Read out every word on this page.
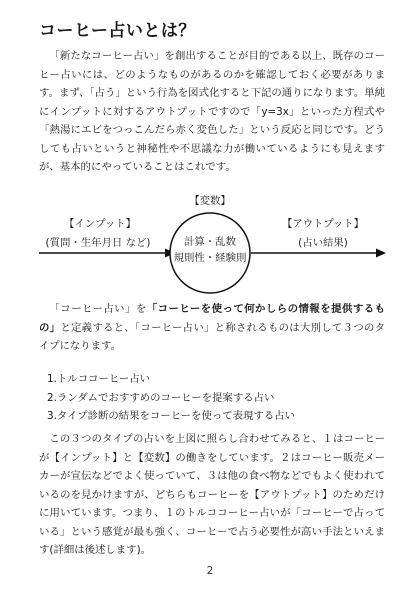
コーヒー占いとは？

「新たなコーヒー占い」を創出することが目的である以上、既存のコーヒー占いには、どのようなものがあるのかを確認しておく必要があります。まず、「占う」という行為を図式化すると下記の通りになります。単純にインプットに対するアウトプットですので「y=3x」といった方程式や「熱湯にエビをつっこんだら赤く変色した」という反応と同じです。どうしても占いというと神秘性や不思議な力が働いているようにも見えますが、基本的にやっていることはこれです。

【変数】
【インプット】
(質問・生年月日 など)	計算・乱数
規則性・経験則
【アウトプット】
(占い結果)

「コーヒー占い」を「コーヒーを使って何かしらの情報を提供するもの」と定義すると、「コーヒー占い」と称されるものは大別して３つのタイプになります。

1.トルココーヒー占い
2.ランダムでおすすめのコーヒーを提案する占い
3.タイプ診断の結果をコーヒーを使って表現する占い

この３つのタイプの占いを上図に照らし合わせてみると、１はコーヒーが【インプット】と【変数】の働きをしています。２はコーヒー販売メーカーが宣伝などでよく使っていて、３は他の食べ物などでもよく使われているのを見かけますが、どちらもコーヒーを【アウトプット】のためだけに用いています。つまり、１のトルココーヒー占いが「コーヒーで占っている」という感覚が最も強く、コーヒーで占う必要性が高い手法といえます(詳細は後述します)。

2
